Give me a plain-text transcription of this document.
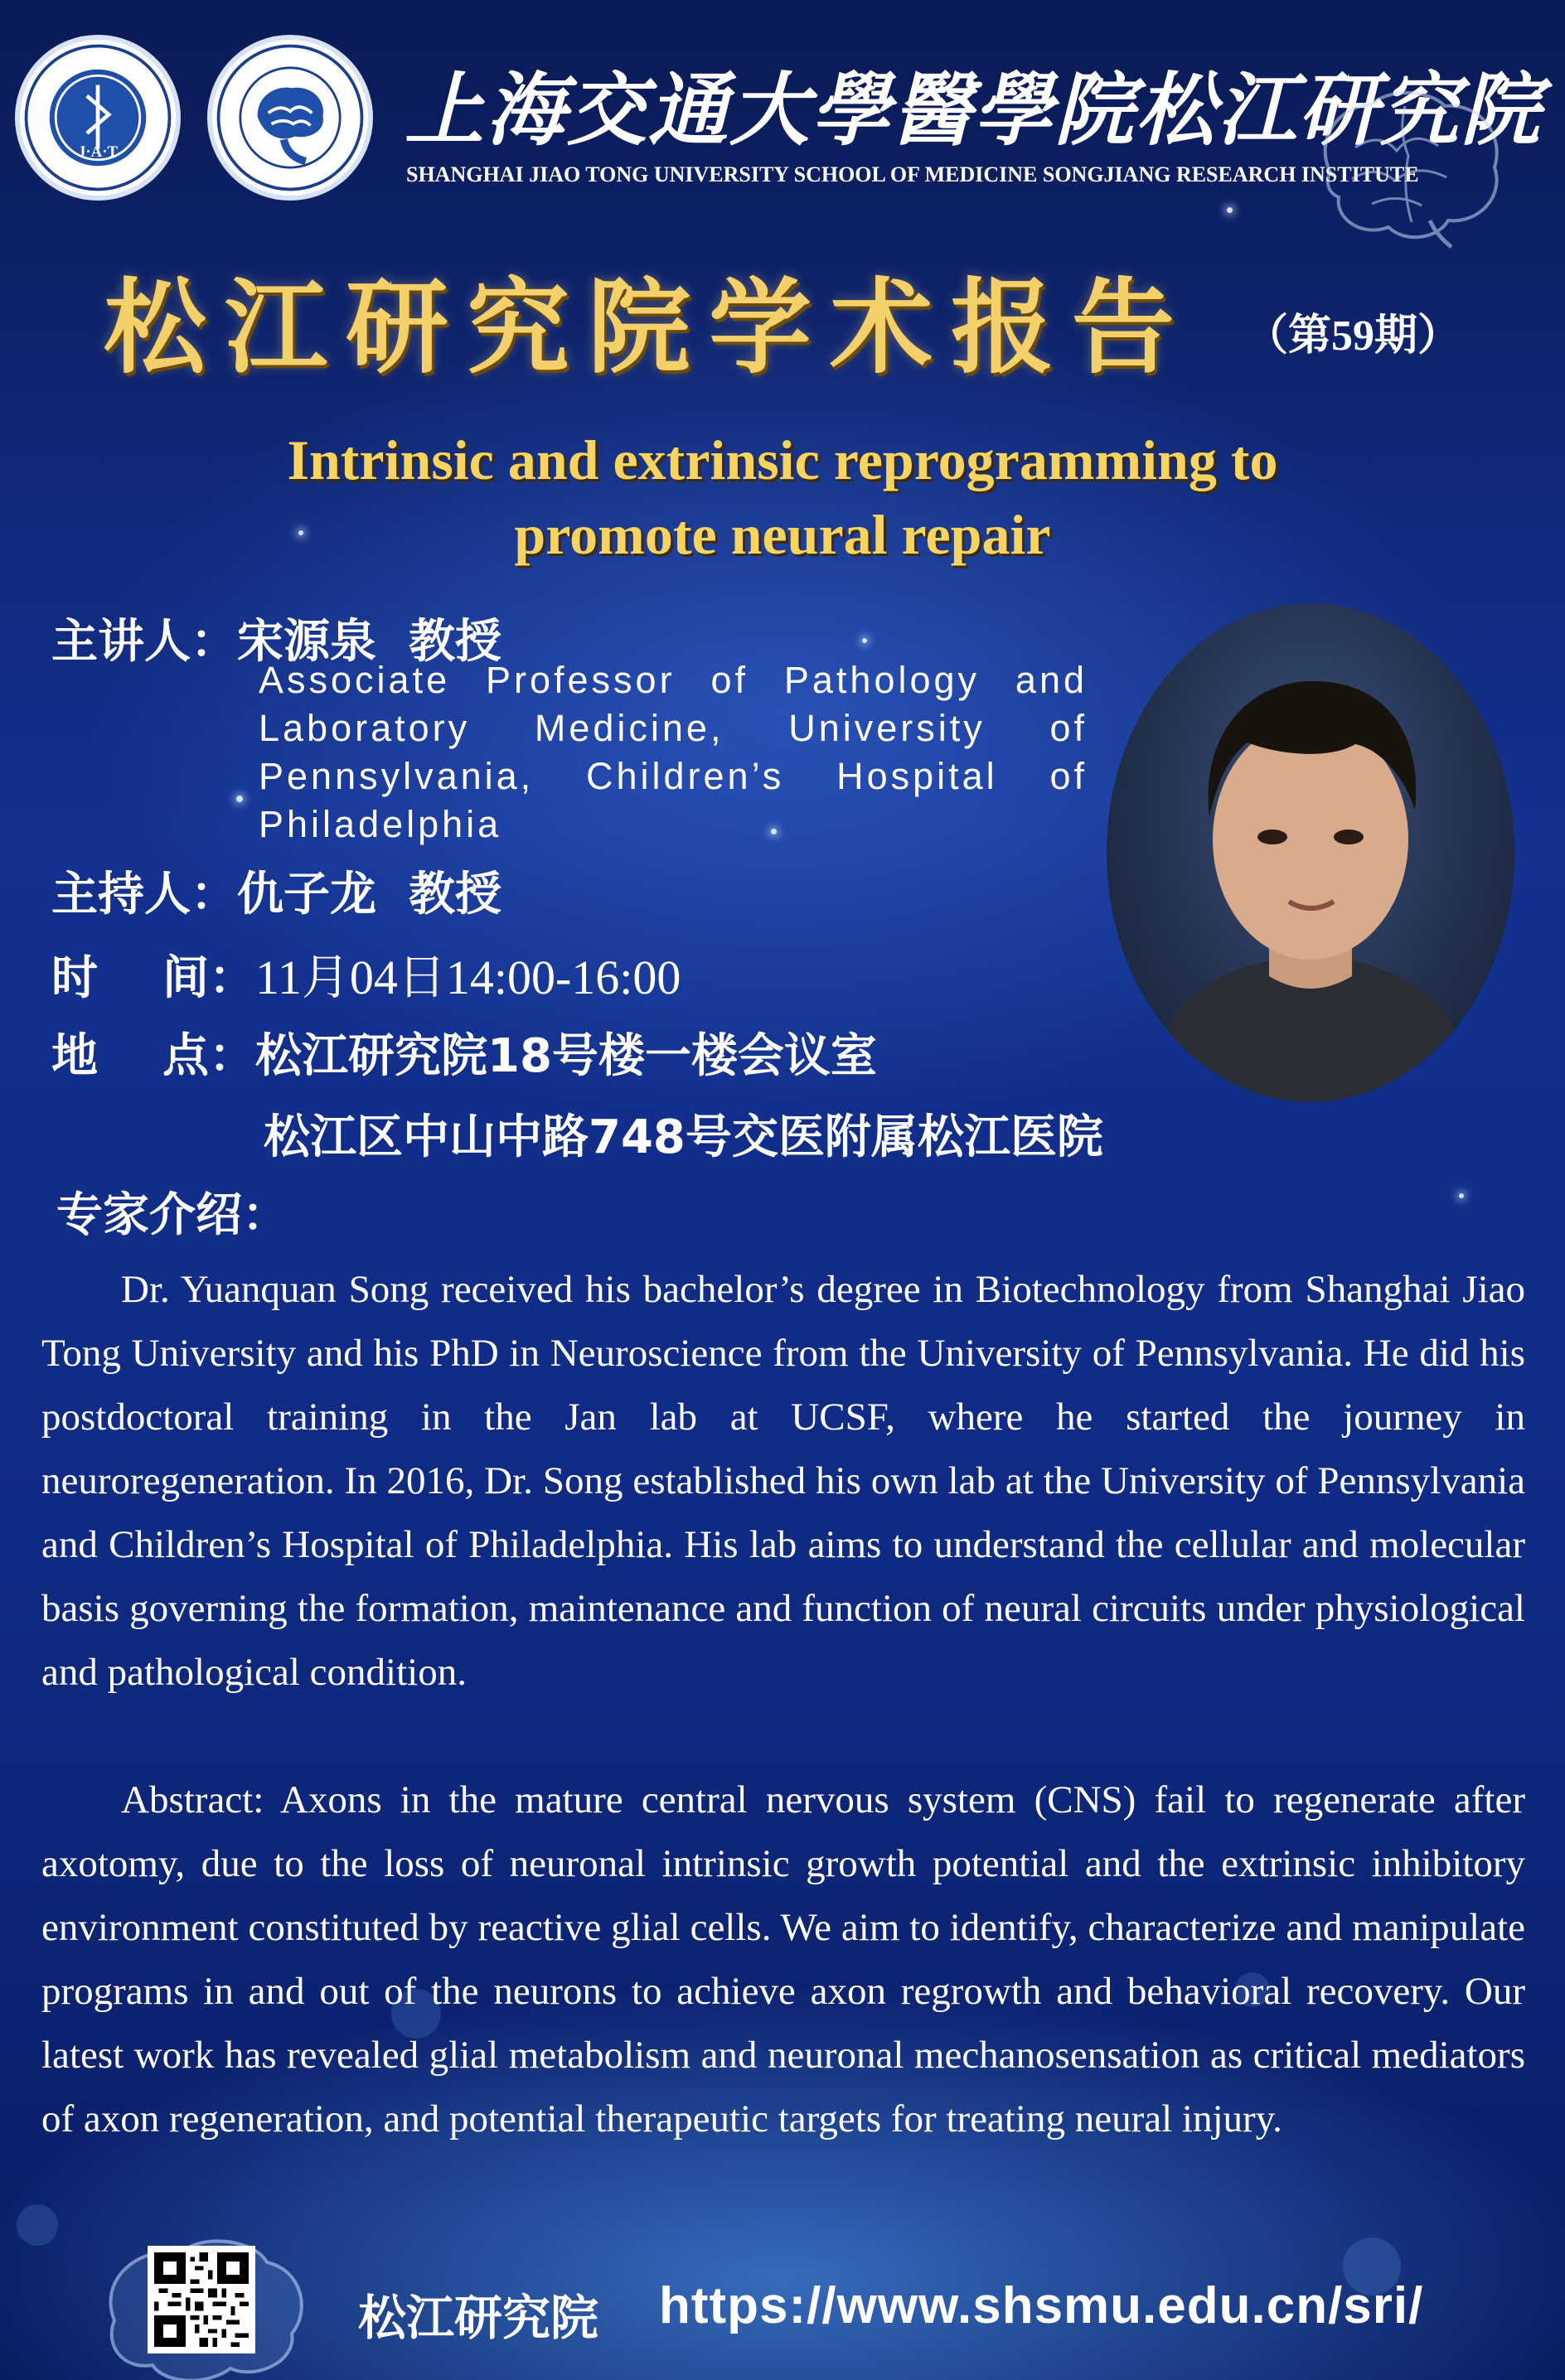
J·A·T	上海交通大學醫學院松江研究院
SHANGHAI JIAO TONG UNIVERSITY SCHOOL OF MEDICINE SONGJIANG RESEARCH INSTITUTE
松江研究院学术报告	（第59期）
Intrinsic and extrinsic reprogramming to
promote neural repair
主讲人：宋源泉  教授
Associate Professor of Pathology and Laboratory Medicine, University of Pennsylvania, Children’s Hospital of Philadelphia
主持人：仇子龙  教授
时    间：11月04日14:00-16:00
地    点：松江研究院18号楼一楼会议室
松江区中山中路748号交医附属松江医院
专家介绍：

Dr. Yuanquan Song received his bachelor’s degree in Biotechnology from Shanghai Jiao Tong University and his PhD in Neuroscience from the University of Pennsylvania. He did his postdoctoral training in the Jan lab at UCSF, where he started the journey in neuroregeneration. In 2016, Dr. Song established his own lab at the University of Pennsylvania and Children’s Hospital of Philadelphia. His lab aims to understand the cellular and molecular basis governing the formation, maintenance and function of neural circuits under physiological and pathological condition.

Abstract: Axons in the mature central nervous system (CNS) fail to regenerate after axotomy, due to the loss of neuronal intrinsic growth potential and the extrinsic inhibitory environment constituted by reactive glial cells. We aim to identify, characterize and manipulate programs in and out of the neurons to achieve axon regrowth and behavioral recovery. Our latest work has revealed glial metabolism and neuronal mechanosensation as critical mediators of axon regeneration, and potential therapeutic targets for treating neural injury.

松江研究院 https://www.shsmu.edu.cn/sri/
